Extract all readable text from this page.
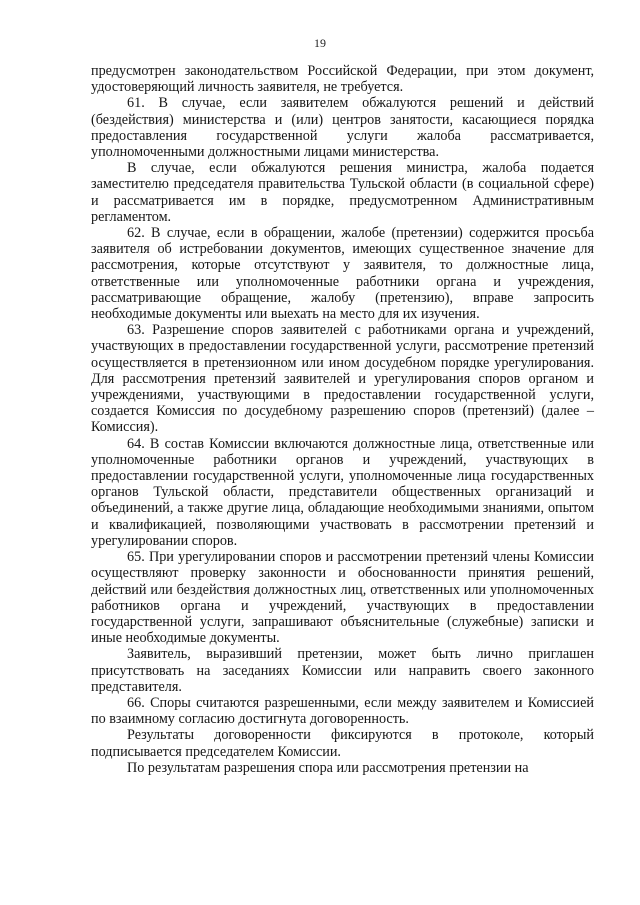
19

предусмотрен законодательством Российской Федерации, при этом документ, удостоверяющий личность заявителя, не требуется.

61. В случае, если заявителем обжалуются решений и действий (бездействия) министерства и (или) центров занятости, касающиеся порядка предоставления государственной услуги жалоба рассматривается, уполномоченными должностными лицами министерства.

В случае, если обжалуются решения министра, жалоба подается заместителю председателя правительства Тульской области (в социальной сфере) и рассматривается им в порядке, предусмотренном Административным регламентом.

62. В случае, если в обращении, жалобе (претензии) содержится просьба заявителя об истребовании документов, имеющих существенное значение для рассмотрения, которые отсутствуют у заявителя, то должностные лица, ответственные или уполномоченные работники органа и учреждения, рассматривающие обращение, жалобу (претензию), вправе запросить необходимые документы или выехать на место для их изучения.

63. Разрешение споров заявителей с работниками органа и учреждений, участвующих в предоставлении государственной услуги, рассмотрение претензий осуществляется в претензионном или ином досудебном порядке урегулирования. Для рассмотрения претензий заявителей и урегулирования споров органом и учреждениями, участвующими в предоставлении государственной услуги, создается Комиссия по досудебному разрешению споров (претензий) (далее – Комиссия).

64. В состав Комиссии включаются должностные лица, ответственные или уполномоченные работники органов и учреждений, участвующих в предоставлении государственной услуги, уполномоченные лица государственных органов Тульской области, представители общественных организаций и объединений, а также другие лица, обладающие необходимыми знаниями, опытом и квалификацией, позволяющими участвовать в рассмотрении претензий и урегулировании споров.

65. При урегулировании споров и рассмотрении претензий члены Комиссии осуществляют проверку законности и обоснованности принятия решений, действий или бездействия должностных лиц, ответственных или уполномоченных работников органа и учреждений, участвующих в предоставлении государственной услуги, запрашивают объяснительные (служебные) записки и иные необходимые документы.

Заявитель, выразивший претензии, может быть лично приглашен присутствовать на заседаниях Комиссии или направить своего законного представителя.

66. Споры считаются разрешенными, если между заявителем и Комиссией по взаимному согласию достигнута договоренность.

Результаты договоренности фиксируются в протоколе, который подписывается председателем Комиссии.

По результатам разрешения спора или рассмотрения претензии на
